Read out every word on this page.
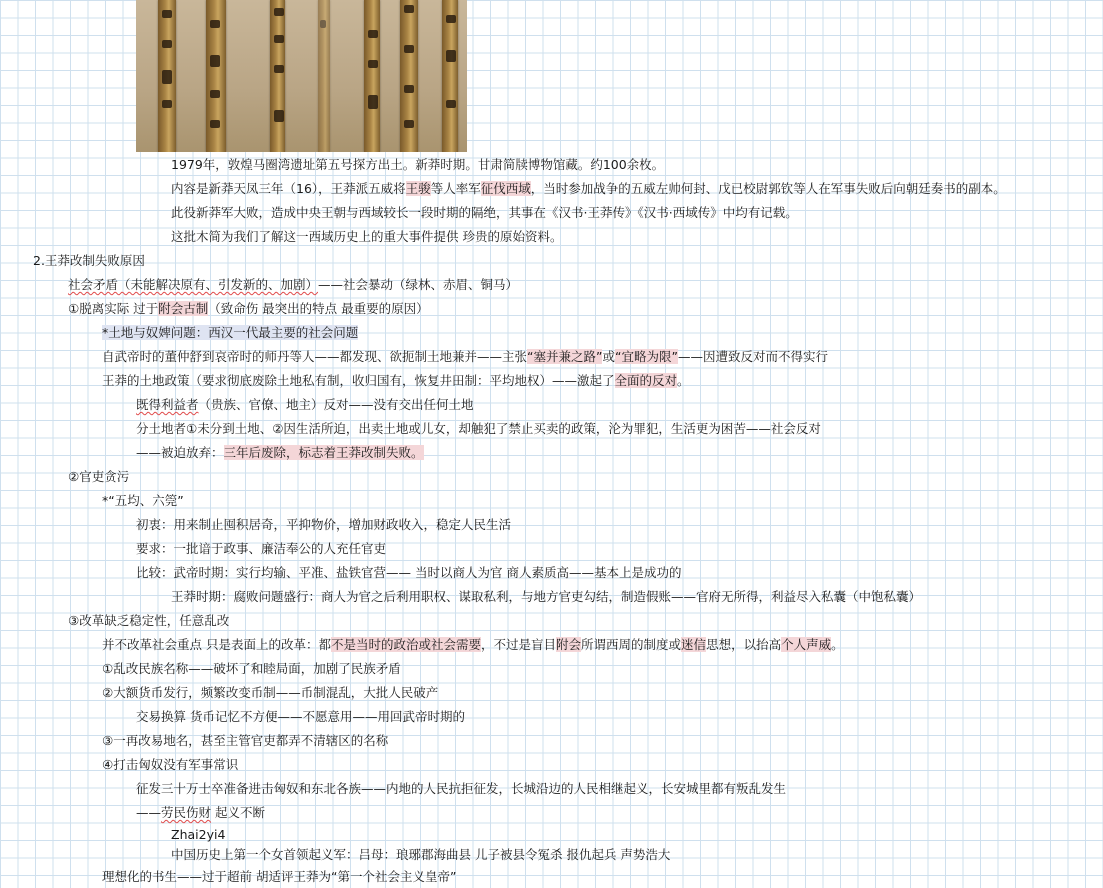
1979年，敦煌马圈湾遗址第五号探方出土。新莽时期。甘肃简牍博物馆藏。约100余枚。
内容是新莽天凤三年（16），王莽派五威将王骏等人率军征伐西域，当时参加战争的五威左帅何封、戊已校尉郭钦等人在军事失败后向朝廷奏书的副本。
此役新莽军大败，造成中央王朝与西域较长一段时期的隔绝，其事在《汉书·王莽传》《汉书·西域传》中均有记载。
这批木简为我们了解这一西域历史上的重大事件提供 珍贵的原始资料。
2.王莽改制失败原因
社会矛盾（未能解决原有、引发新的、加剧）——社会暴动（绿林、赤眉、铜马）
①脱离实际 过于附会古制（致命伤 最突出的特点 最重要的原因）
*土地与奴婢问题：西汉一代最主要的社会问题
自武帝时的董仲舒到哀帝时的师丹等人——都发现、欲扼制土地兼并——主张“塞并兼之路”或“宜略为限”——因遭致反对而不得实行
王莽的土地政策（要求彻底废除土地私有制，收归国有，恢复井田制：平均地权）——激起了全面的反对。
既得利益者（贵族、官僚、地主）反对——没有交出任何土地
分土地者①未分到土地、②因生活所迫，出卖土地或儿女，却触犯了禁止买卖的政策，沦为罪犯，生活更为困苦——社会反对
——被迫放弃：三年后废除，标志着王莽改制失败。
②官吏贪污
*“五均、六筦”
初衷：用来制止囤积居奇，平抑物价，增加财政收入，稳定人民生活
要求：一批谙于政事、廉洁奉公的人充任官吏
比较：武帝时期：实行均输、平准、盐铁官营—— 当时以商人为官 商人素质高——基本上是成功的
王莽时期：腐败问题盛行：商人为官之后利用职权、谋取私利，与地方官吏勾结，制造假账——官府无所得，利益尽入私囊（中饱私囊）
③改革缺乏稳定性，任意乱改
并不改革社会重点 只是表面上的改革：都不是当时的政治或社会需要，不过是盲目附会所谓西周的制度或迷信思想，以抬高个人声威。
①乱改民族名称——破坏了和睦局面，加剧了民族矛盾
②大额货币发行，频繁改变币制——币制混乱，大批人民破产
交易换算 货币记忆不方便——不愿意用——用回武帝时期的
③一再改易地名，甚至主管官吏都弄不清辖区的名称
④打击匈奴没有军事常识
征发三十万士卒准备进击匈奴和东北各族——内地的人民抗拒征发，长城沿边的人民相继起义，长安城里都有叛乱发生
——劳民伤财 起义不断
Zhai2yi4
中国历史上第一个女首领起义军：吕母：琅琊郡海曲县 儿子被县令冤杀 报仇起兵 声势浩大
理想化的书生——过于超前 胡适评王莽为“第一个社会主义皇帝”
